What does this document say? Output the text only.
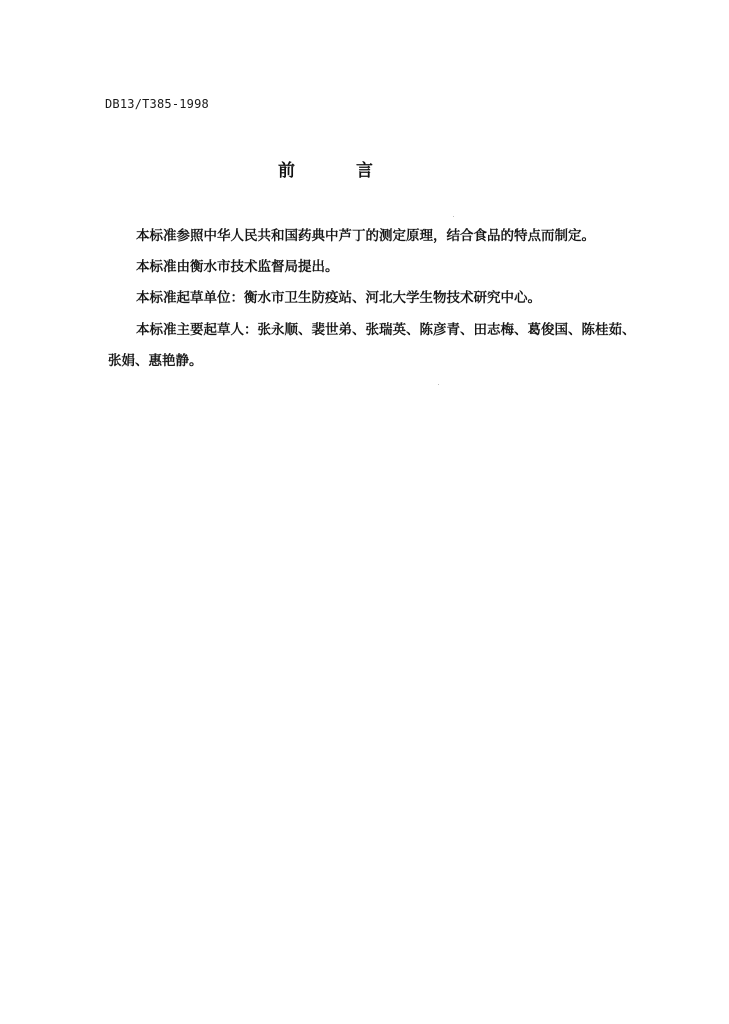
DB13/T385-1998
前	言
本标准参照中华人民共和国药典中芦丁的测定原理，结合食品的特点而制定。
本标准由衡水市技术监督局提出。
本标准起草单位：衡水市卫生防疫站、河北大学生物技术研究中心。
本标准主要起草人：张永顺、裴世弟、张瑞英、陈彦青、田志梅、葛俊国、陈桂茹、
张娟、惠艳静。
